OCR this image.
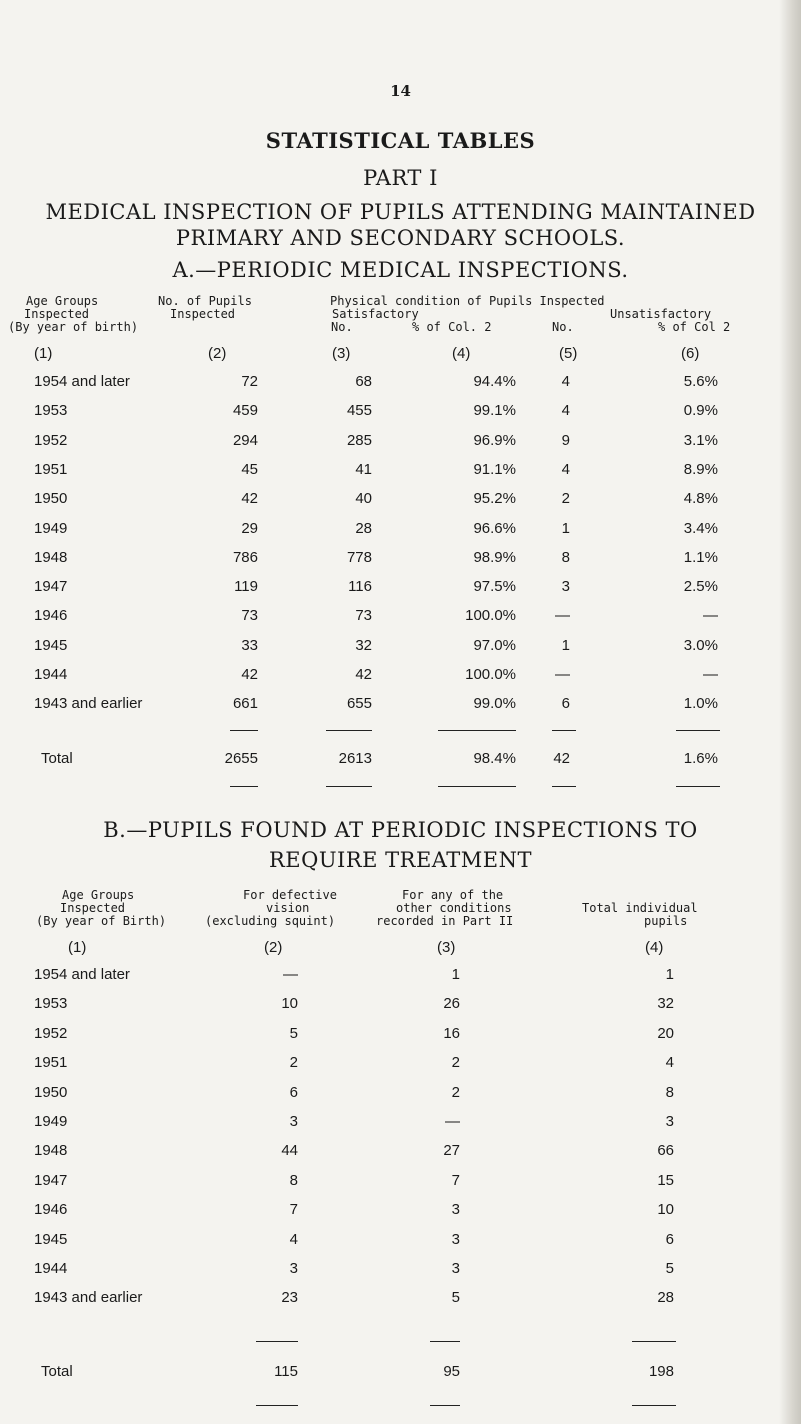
14
STATISTICAL TABLES
PART I
MEDICAL INSPECTION OF PUPILS ATTENDING MAINTAINED
PRIMARY AND SECONDARY SCHOOLS.
A.—PERIODIC MEDICAL INSPECTIONS.
Age Groups
Inspected
(By year of birth)
No. of Pupils
Inspected
Physical condition of Pupils Inspected
Satisfactory	Unsatisfactory
No.	% of Col. 2	No.	% of Col 2
(1)	(2)	(3)	(4)	(5)	(6)
1954 and later	72	68	94.4%	4	5.6%
1953	459	455	99.1%	4	0.9%
1952	294	285	96.9%	9	3.1%
1951	45	41	91.1%	4	8.9%
1950	42	40	95.2%	2	4.8%
1949	29	28	96.6%	1	3.4%
1948	786	778	98.9%	8	1.1%
1947	119	116	97.5%	3	2.5%
1946	73	73	100.0%	—	—
1945	33	32	97.0%	1	3.0%
1944	42	42	100.0%	—	—
1943 and earlier	661	655	99.0%	6	1.0%
Total	2655	2613	98.4%	42	1.6%
B.—PUPILS FOUND AT PERIODIC INSPECTIONS TO
REQUIRE TREATMENT
Age Groups
Inspected
(By year of Birth)
For defective
vision
(excluding squint)
For any of the
other conditions
recorded in Part II
Total individual
pupils
(1)	(2)	(3)	(4)
1954 and later	—	1	1
1953	10	26	32
1952	5	16	20
1951	2	2	4
1950	6	2	8
1949	3	—	3
1948	44	27	66
1947	8	7	15
1946	7	3	10
1945	4	3	6
1944	3	3	5
1943 and earlier	23	5	28
Total	115	95	198
